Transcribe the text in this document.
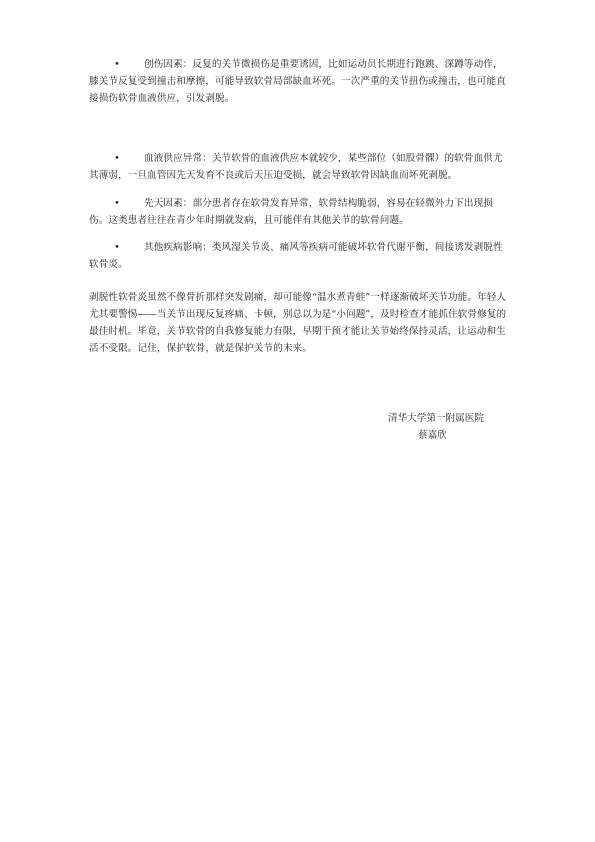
•	创伤因素：反复的关节微损伤是重要诱因，比如运动员长期进行跑跳、深蹲等动作，膝关节反复受到撞击和摩擦，可能导致软骨局部缺血坏死。一次严重的关节扭伤或撞击，也可能直接损伤软骨血液供应，引发剥脱。

•	血液供应异常：关节软骨的血液供应本就较少，某些部位（如股骨髁）的软骨血供尤其薄弱，一旦血管因先天发育不良或后天压迫受损，就会导致软骨因缺血而坏死剥脱。

•	先天因素：部分患者存在软骨发育异常，软骨结构脆弱，容易在轻微外力下出现损伤。这类患者往往在青少年时期就发病，且可能伴有其他关节的软骨问题。

•	其他疾病影响：类风湿关节炎、痛风等疾病可能破坏软骨代谢平衡，间接诱发剥脱性软骨炎。

剥脱性软骨炎虽然不像骨折那样突发剧痛，却可能像“温水煮青蛙”一样逐渐破坏关节功能。年轻人尤其要警惕——当关节出现反复疼痛、卡顿，别总以为是“小问题”，及时检查才能抓住软骨修复的最佳时机。毕竟，关节软骨的自我修复能力有限，早期干预才能让关节始终保持灵活，让运动和生活不受限。记住，保护软骨，就是保护关节的未来。

清华大学第一附属医院
蔡嘉欣
